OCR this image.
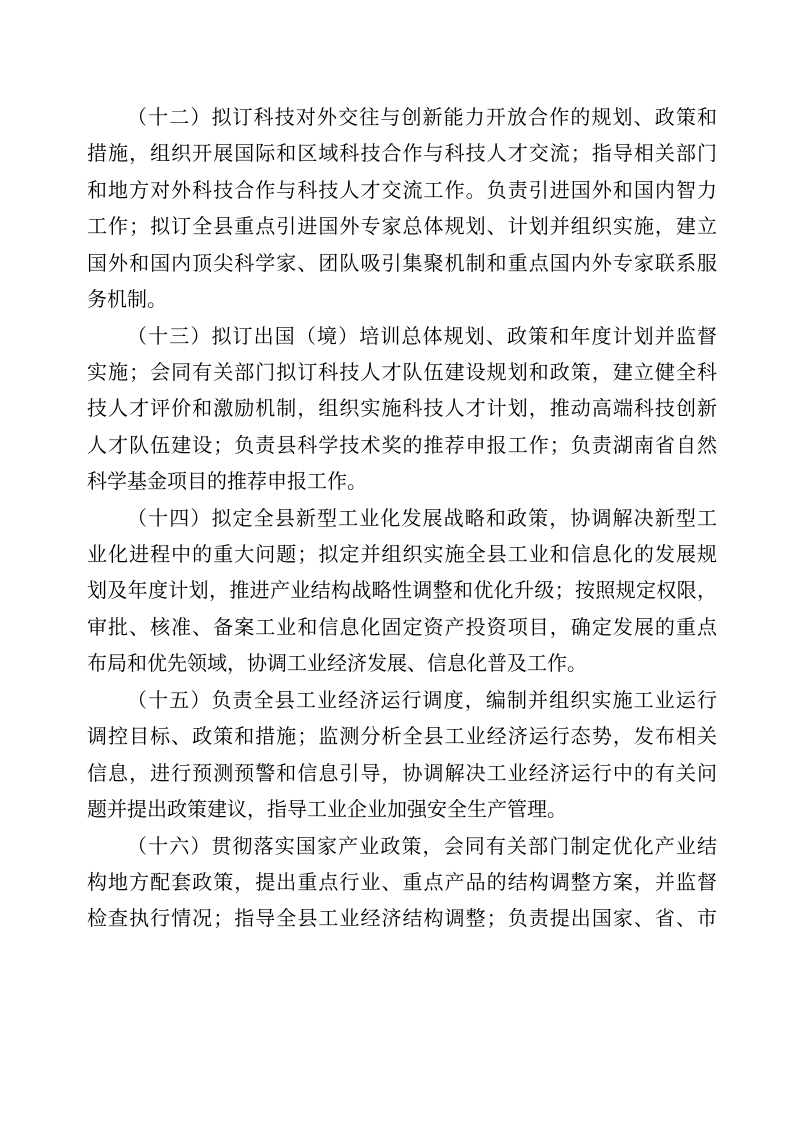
（十二）拟订科技对外交往与创新能力开放合作的规划、政策和
措施，组织开展国际和区域科技合作与科技人才交流；指导相关部门
和地方对外科技合作与科技人才交流工作。负责引进国外和国内智力
工作；拟订全县重点引进国外专家总体规划、计划并组织实施，建立
国外和国内顶尖科学家、团队吸引集聚机制和重点国内外专家联系服
务机制。
（十三）拟订出国（境）培训总体规划、政策和年度计划并监督
实施；会同有关部门拟订科技人才队伍建设规划和政策，建立健全科
技人才评价和激励机制，组织实施科技人才计划，推动高端科技创新
人才队伍建设；负责县科学技术奖的推荐申报工作；负责湖南省自然
科学基金项目的推荐申报工作。
（十四）拟定全县新型工业化发展战略和政策，协调解决新型工
业化进程中的重大问题；拟定并组织实施全县工业和信息化的发展规
划及年度计划，推进产业结构战略性调整和优化升级；按照规定权限，
审批、核准、备案工业和信息化固定资产投资项目，确定发展的重点
布局和优先领域，协调工业经济发展、信息化普及工作。
（十五）负责全县工业经济运行调度，编制并组织实施工业运行
调控目标、政策和措施；监测分析全县工业经济运行态势，发布相关
信息，进行预测预警和信息引导，协调解决工业经济运行中的有关问
题并提出政策建议，指导工业企业加强安全生产管理。
（十六）贯彻落实国家产业政策，会同有关部门制定优化产业结
构地方配套政策，提出重点行业、重点产品的结构调整方案，并监督
检查执行情况；指导全县工业经济结构调整；负责提出国家、省、市
